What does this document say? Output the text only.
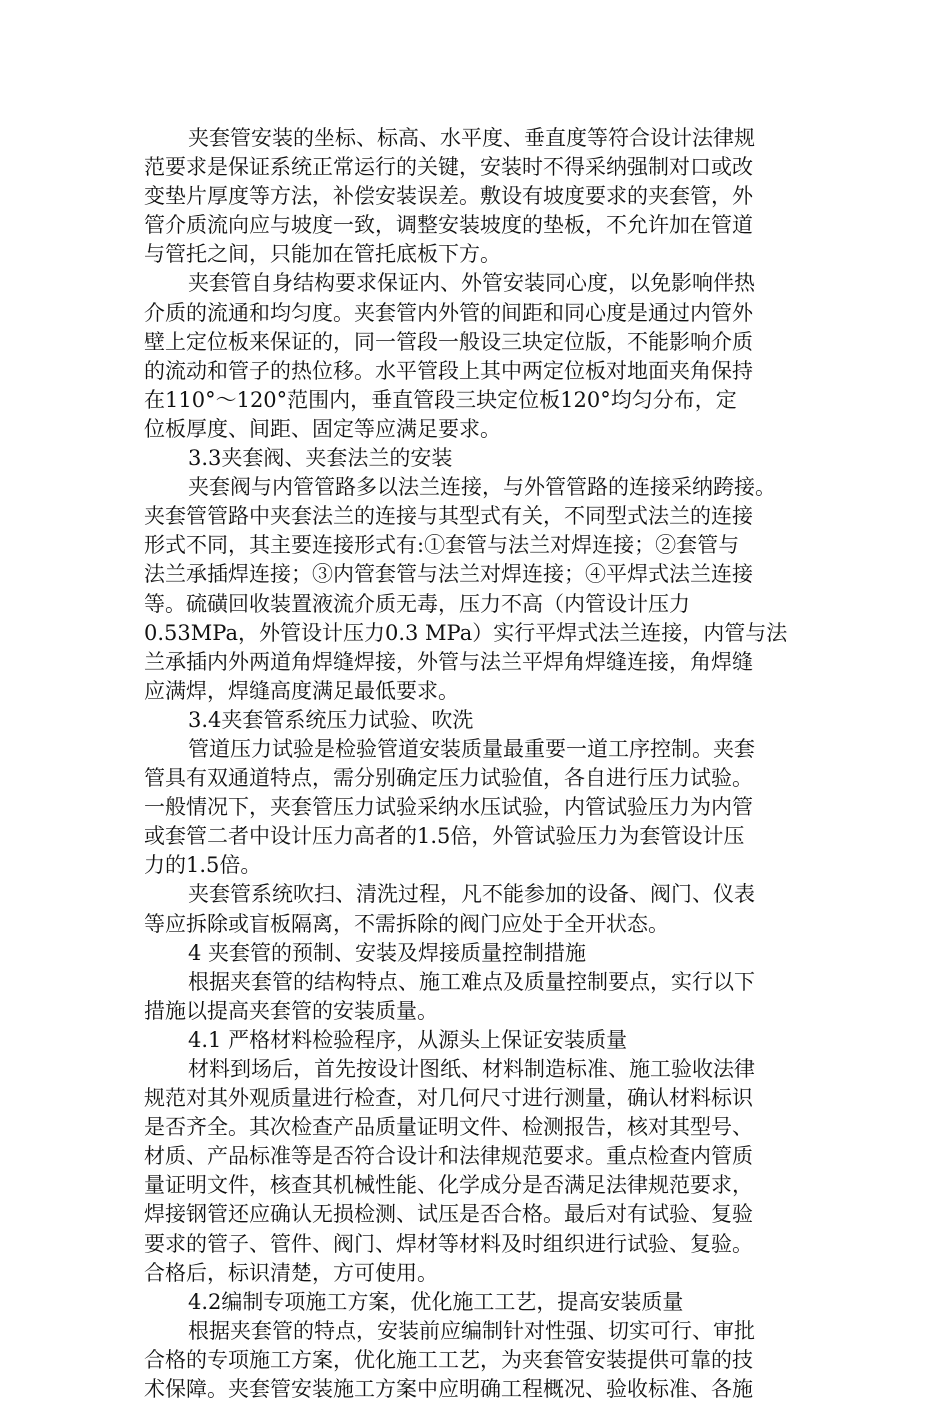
夹套管安装的坐标、标高、水平度、垂直度等符合设计法律规
范要求是保证系统正常运行的关键，安装时不得采纳强制对口或改
变垫片厚度等方法，补偿安装误差。敷设有坡度要求的夹套管，外
管介质流向应与坡度一致，调整安装坡度的垫板，不允许加在管道
与管托之间，只能加在管托底板下方。
夹套管自身结构要求保证内、外管安装同心度，以免影响伴热
介质的流通和均匀度。夹套管内外管的间距和同心度是通过内管外
壁上定位板来保证的，同一管段一般设三块定位版，不能影响介质
的流动和管子的热位移。水平管段上其中两定位板对地面夹角保持
在110°～120°范围内，垂直管段三块定位板120°均匀分布，定
位板厚度、间距、固定等应满足要求。
3.3夹套阀、夹套法兰的安装
夹套阀与内管管路多以法兰连接，与外管管路的连接采纳跨接。
夹套管管路中夹套法兰的连接与其型式有关，不同型式法兰的连接
形式不同，其主要连接形式有:①套管与法兰对焊连接；②套管与
法兰承插焊连接；③内管套管与法兰对焊连接；④平焊式法兰连接
等。硫磺回收装置液流介质无毒，压力不高（内管设计压力
0.53MPa，外管设计压力0.3 MPa）实行平焊式法兰连接，内管与法
兰承插内外两道角焊缝焊接，外管与法兰平焊角焊缝连接，角焊缝
应满焊，焊缝高度满足最低要求。
3.4夹套管系统压力试验、吹洗
管道压力试验是检验管道安装质量最重要一道工序控制。夹套
管具有双通道特点，需分别确定压力试验值，各自进行压力试验。
一般情况下，夹套管压力试验采纳水压试验，内管试验压力为内管
或套管二者中设计压力高者的1.5倍，外管试验压力为套管设计压
力的1.5倍。
夹套管系统吹扫、清洗过程，凡不能参加的设备、阀门、仪表
等应拆除或盲板隔离，不需拆除的阀门应处于全开状态。
4 夹套管的预制、安装及焊接质量控制措施
根据夹套管的结构特点、施工难点及质量控制要点，实行以下
措施以提高夹套管的安装质量。
4.1 严格材料检验程序，从源头上保证安装质量
材料到场后，首先按设计图纸、材料制造标准、施工验收法律
规范对其外观质量进行检查，对几何尺寸进行测量，确认材料标识
是否齐全。其次检查产品质量证明文件、检测报告，核对其型号、
材质、产品标准等是否符合设计和法律规范要求。重点检查内管质
量证明文件，核查其机械性能、化学成分是否满足法律规范要求，
焊接钢管还应确认无损检测、试压是否合格。最后对有试验、复验
要求的管子、管件、阀门、焊材等材料及时组织进行试验、复验。
合格后，标识清楚，方可使用。
4.2编制专项施工方案，优化施工工艺，提高安装质量
根据夹套管的特点，安装前应编制针对性强、切实可行、审批
合格的专项施工方案，优化施工工艺，为夹套管安装提供可靠的技
术保障。夹套管安装施工方案中应明确工程概况、验收标准、各施
